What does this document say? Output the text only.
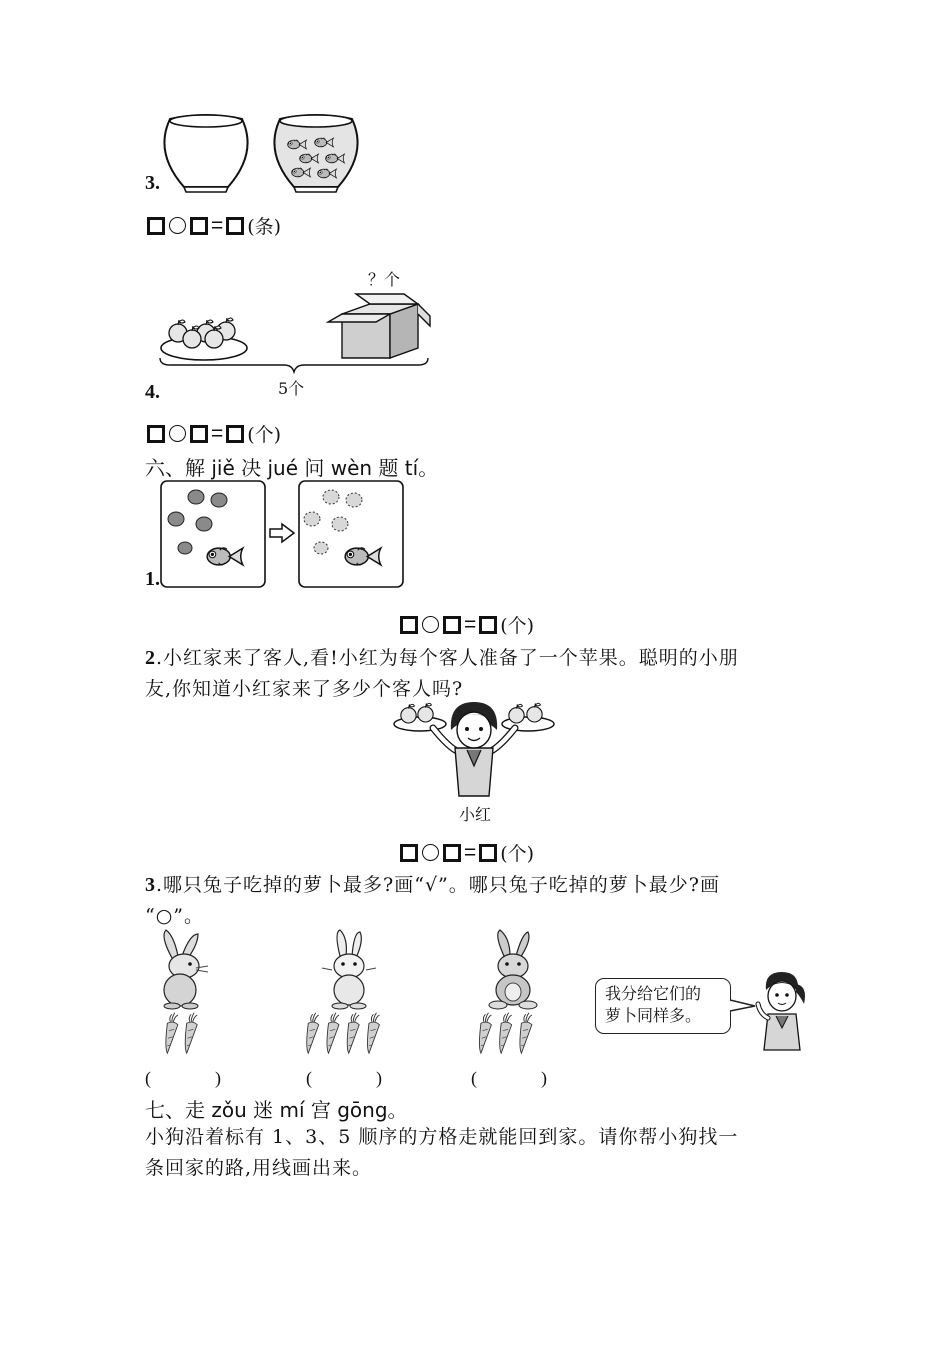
3.
= (条)
？个
4.	5个
= (个)
六、解 jiě 决 jué 问 wèn 题 tí。
1.
= (个)
2.小红家来了客人,看!小红为每个客人准备了一个苹果。聪明的小朋
友,你知道小红家来了多少个客人吗?
小红
= (个)
3.哪只兔子吃掉的萝卜最多?画“√”。哪只兔子吃掉的萝卜最少?画
“○”。
我分给它们的
萝卜同样多。
(	)	(	)	(	)
七、走 zǒu 迷 mí 宫 gōng。
小狗沿着标有 1、3、5 顺序的方格走就能回到家。请你帮小狗找一
条回家的路,用线画出来。
